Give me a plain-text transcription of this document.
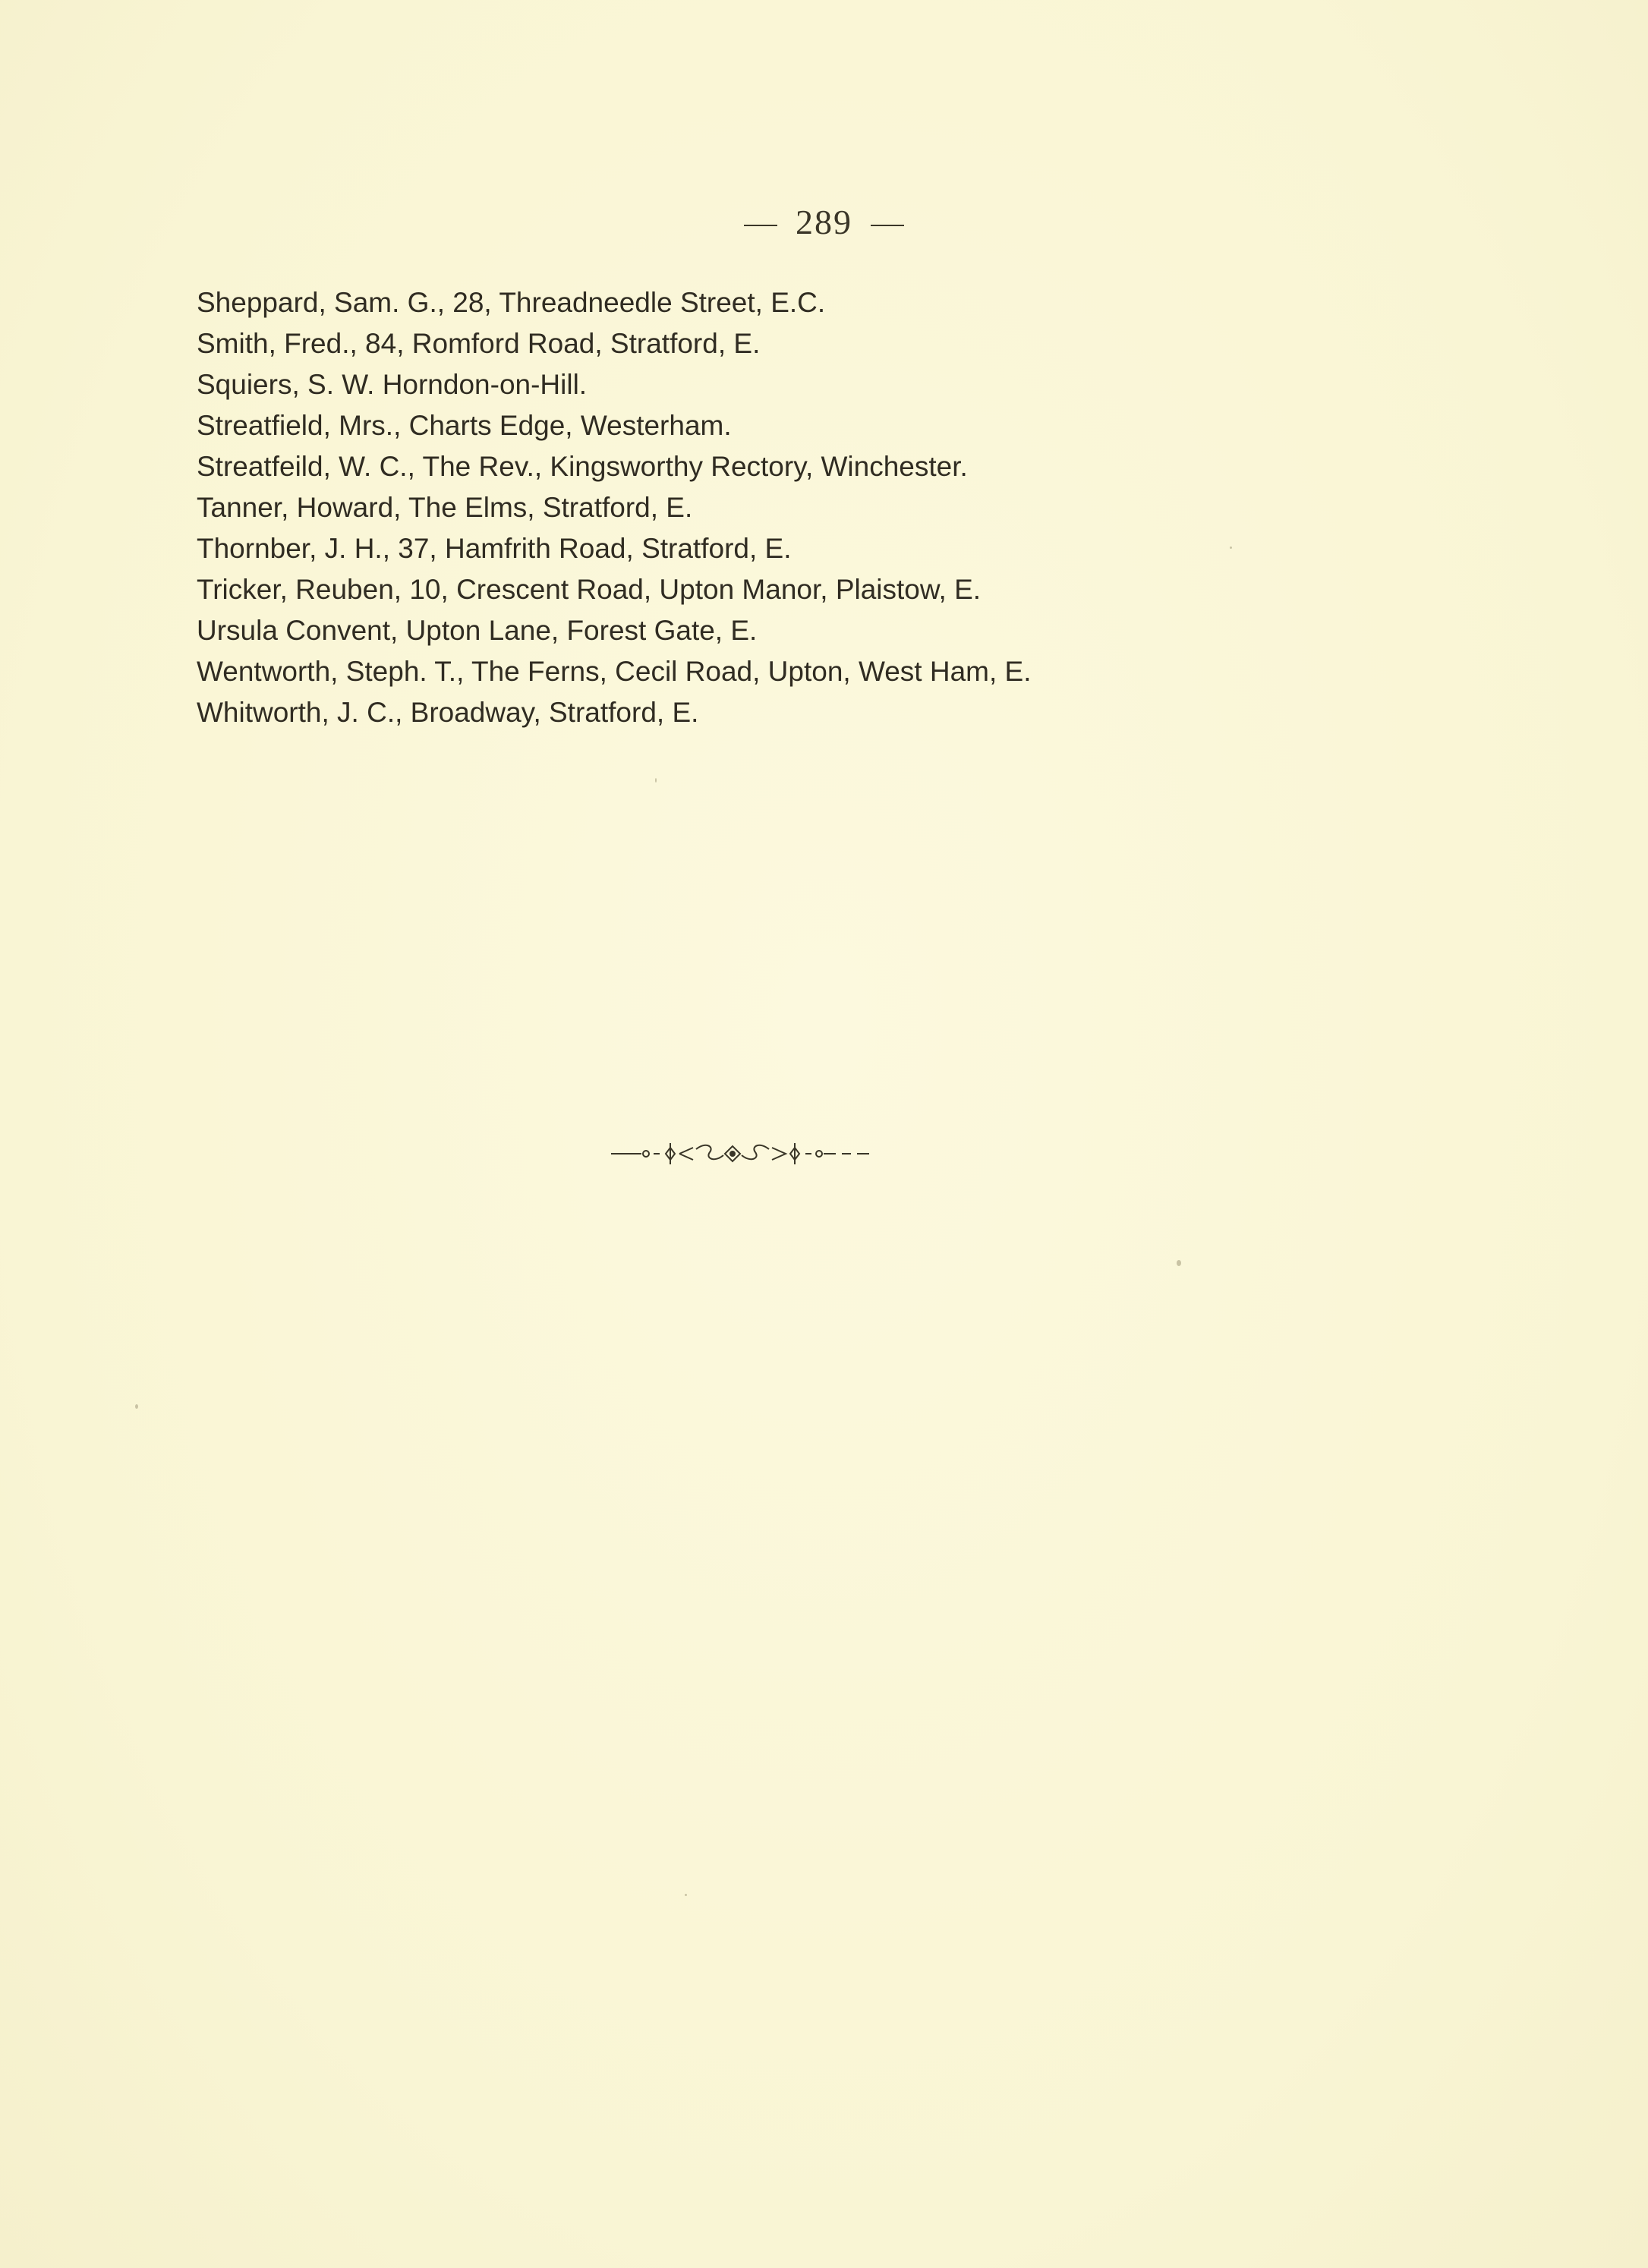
289
Sheppard, Sam. G., 28, Threadneedle Street, E.C.
Smith, Fred., 84, Romford Road, Stratford, E.
Squiers, S. W. Horndon-on-Hill.
Streatfield, Mrs., Charts Edge, Westerham.
Streatfeild, W. C., The Rev., Kingsworthy Rectory, Winchester.
Tanner, Howard, The Elms, Stratford, E.
Thornber, J. H., 37, Hamfrith Road, Stratford, E.
Tricker, Reuben, 10, Crescent Road, Upton Manor, Plaistow, E.
Ursula Convent, Upton Lane, Forest Gate, E.
Wentworth, Steph. T., The Ferns, Cecil Road, Upton, West Ham, E.
Whitworth, J. C., Broadway, Stratford, E.
